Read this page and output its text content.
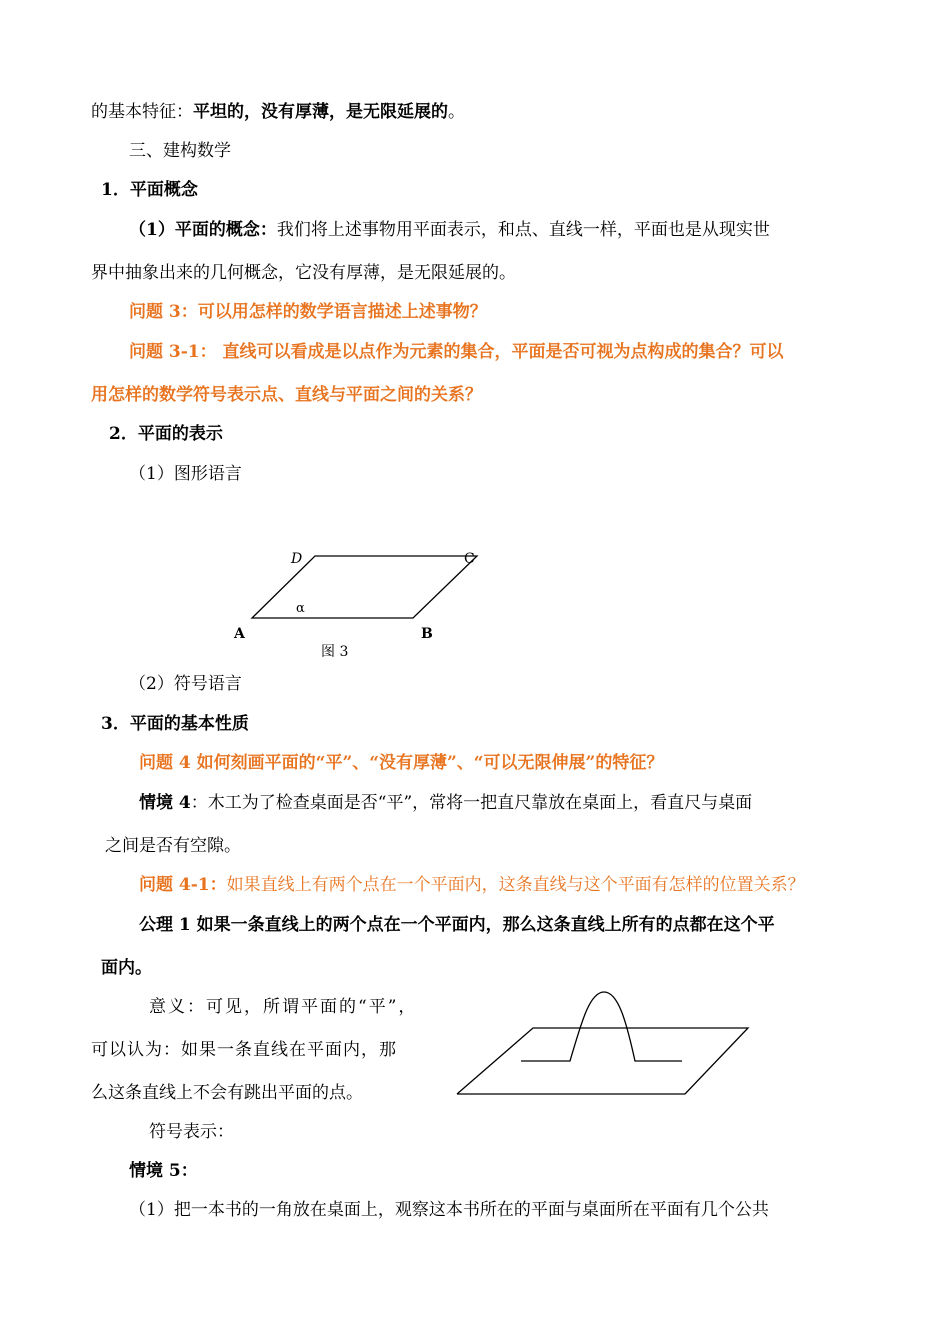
的基本特征：平坦的，没有厚薄，是无限延展的。
三、建构数学
1．平面概念
（1）平面的概念：我们将上述事物用平面表示，和点、直线一样，平面也是从现实世
界中抽象出来的几何概念，它没有厚薄，是无限延展的。
问题 3：可以用怎样的数学语言描述上述事物？
问题 3-1： 直线可以看成是以点作为元素的集合，平面是否可视为点构成的集合？可以
用怎样的数学符号表示点、直线与平面之间的关系？
2．平面的表示
（1）图形语言
D	C
A	B
α
图 3
（2）符号语言
3．平面的基本性质
问题 4 如何刻画平面的“平”、“没有厚薄”、“可以无限伸展”的特征？
情境 4：木工为了检查桌面是否“平”，常将一把直尺靠放在桌面上，看直尺与桌面
之间是否有空隙。
问题 4-1：如果直线上有两个点在一个平面内，这条直线与这个平面有怎样的位置关系？
公理 1 如果一条直线上的两个点在一个平面内，那么这条直线上所有的点都在这个平
面内。
意义：可见，所谓平面的“平”，
可以认为：如果一条直线在平面内，那
么这条直线上不会有跳出平面的点。
符号表示：
情境 5：
（1）把一本书的一角放在桌面上，观察这本书所在的平面与桌面所在平面有几个公共
